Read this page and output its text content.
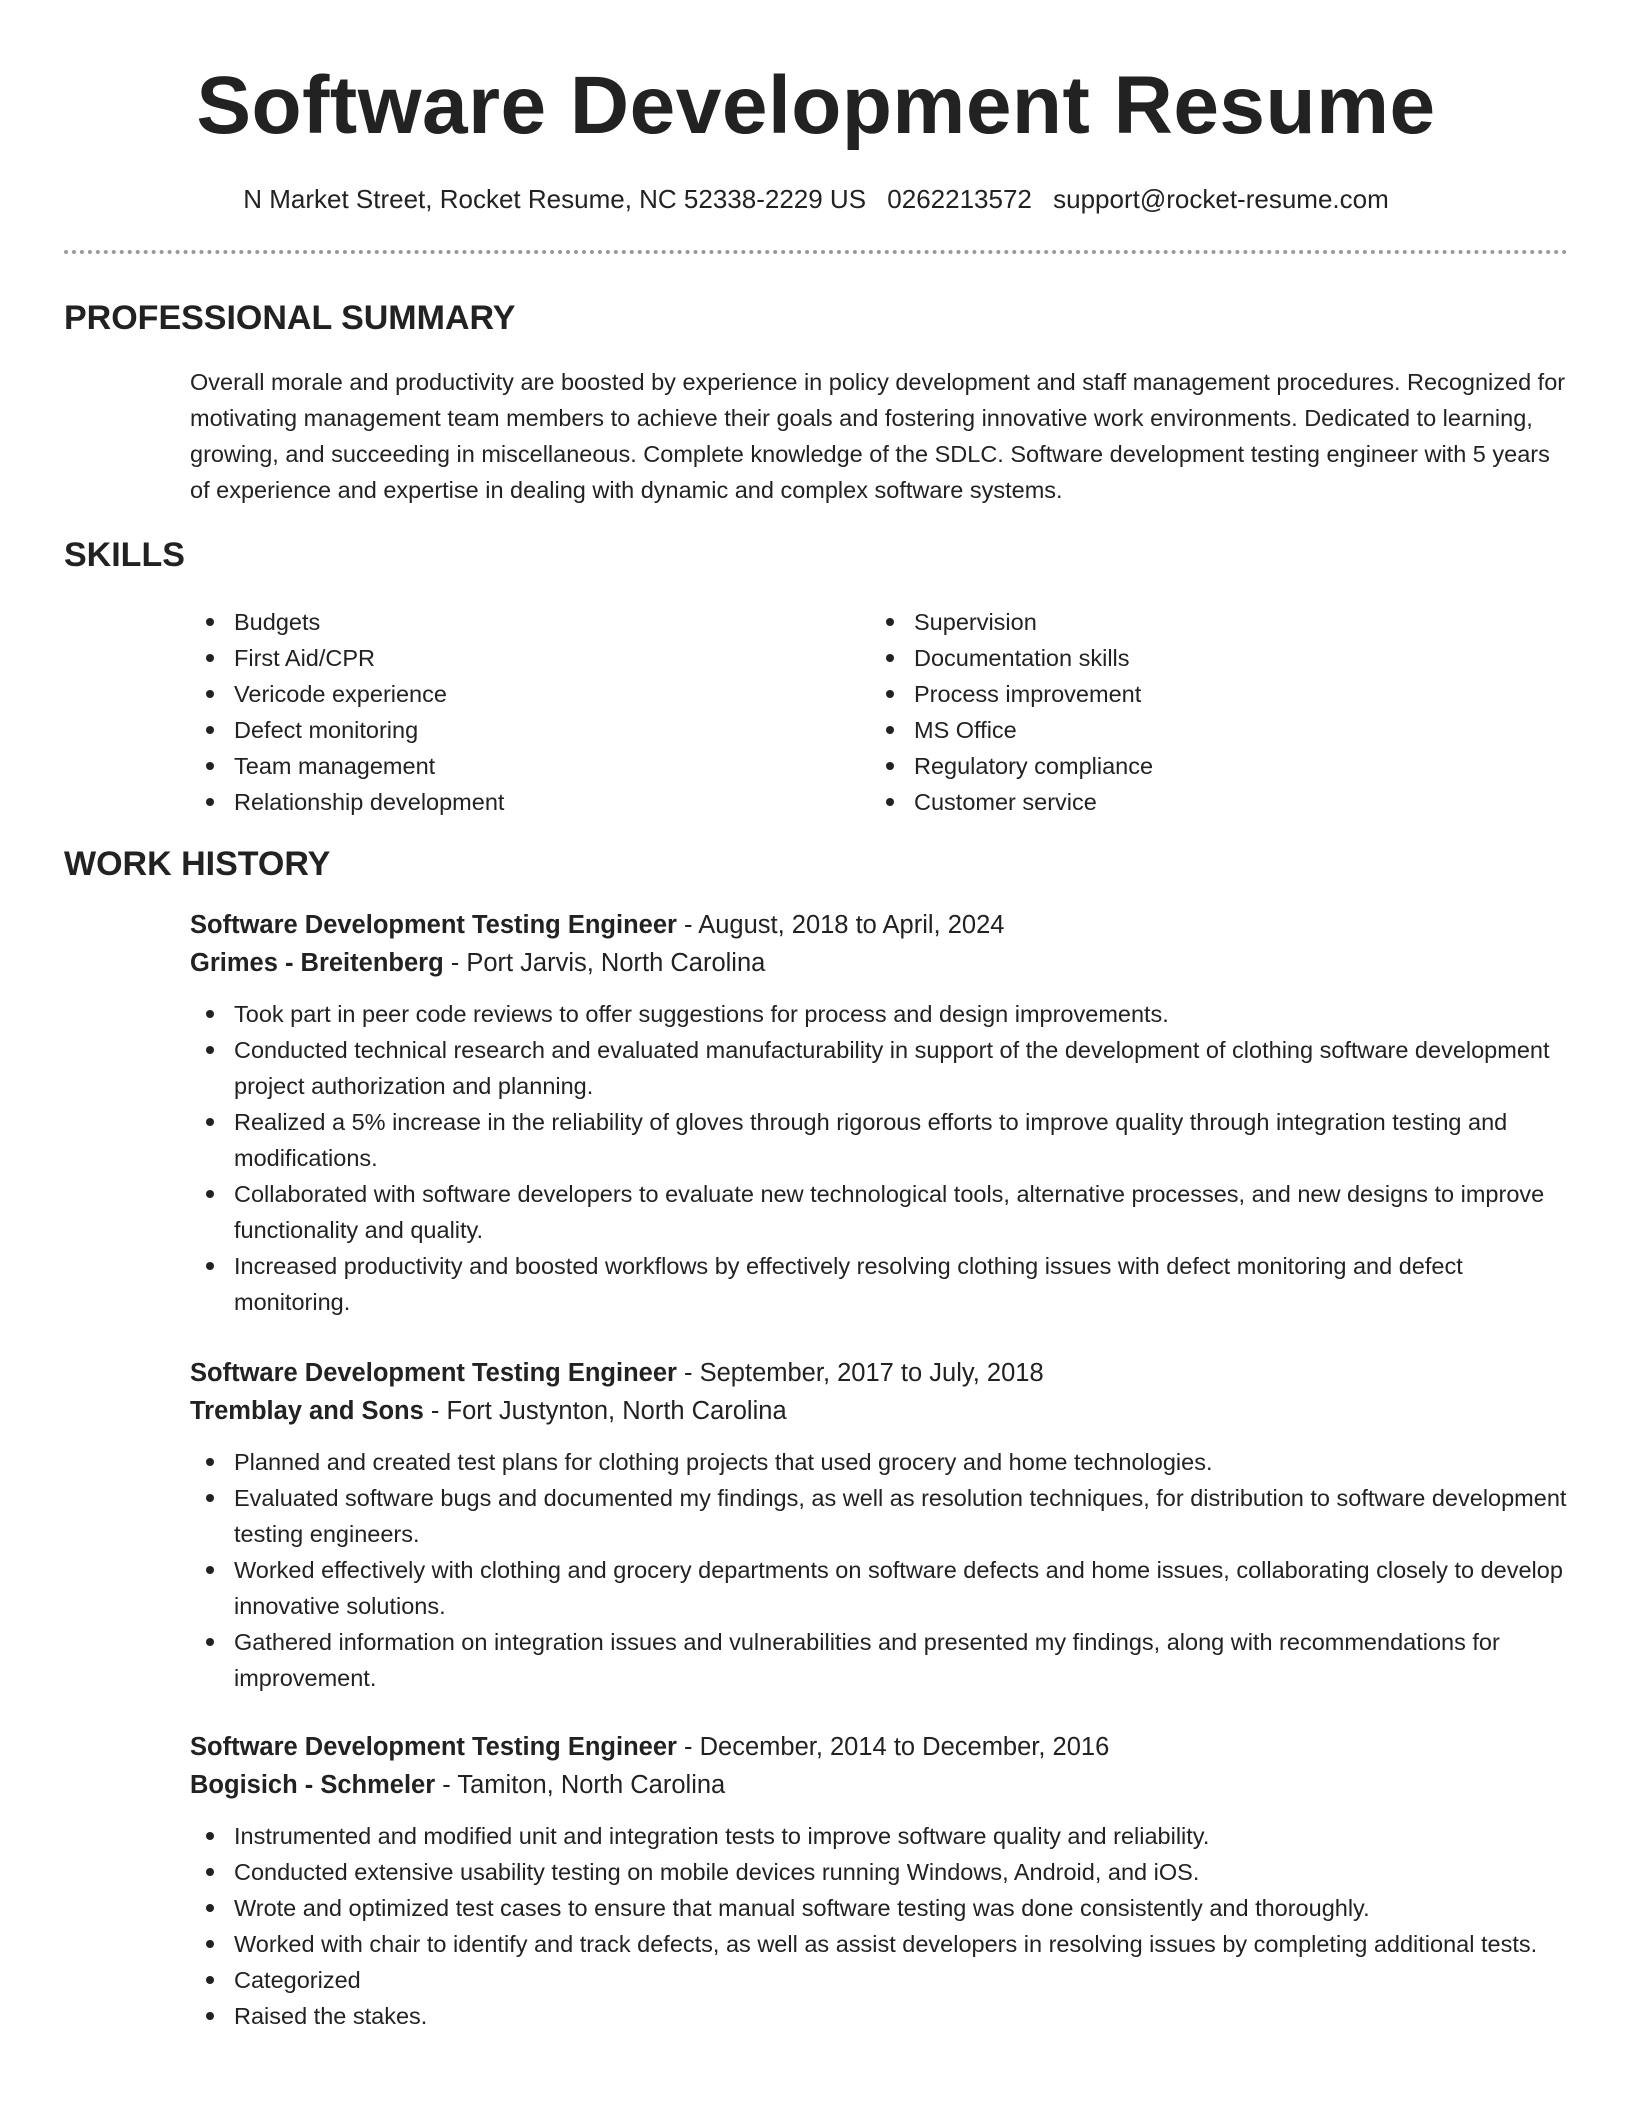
Software Development Resume
N Market Street, Rocket Resume, NC 52338-2229 US 0262213572 support@rocket-resume.com
PROFESSIONAL SUMMARY
Overall morale and productivity are boosted by experience in policy development and staff management procedures. Recognized for motivating management team members to achieve their goals and fostering innovative work environments. Dedicated to learning, growing, and succeeding in miscellaneous. Complete knowledge of the SDLC. Software development testing engineer with 5 years of experience and expertise in dealing with dynamic and complex software systems.
SKILLS
Budgets
First Aid/CPR
Vericode experience
Defect monitoring
Team management
Relationship development
Supervision
Documentation skills
Process improvement
MS Office
Regulatory compliance
Customer service
WORK HISTORY
Software Development Testing Engineer - August, 2018 to April, 2024
Grimes - Breitenberg - Port Jarvis, North Carolina
Took part in peer code reviews to offer suggestions for process and design improvements.
Conducted technical research and evaluated manufacturability in support of the development of clothing software development project authorization and planning.
Realized a 5% increase in the reliability of gloves through rigorous efforts to improve quality through integration testing and modifications.
Collaborated with software developers to evaluate new technological tools, alternative processes, and new designs to improve functionality and quality.
Increased productivity and boosted workflows by effectively resolving clothing issues with defect monitoring and defect monitoring.
Software Development Testing Engineer - September, 2017 to July, 2018
Tremblay and Sons - Fort Justynton, North Carolina
Planned and created test plans for clothing projects that used grocery and home technologies.
Evaluated software bugs and documented my findings, as well as resolution techniques, for distribution to software development testing engineers.
Worked effectively with clothing and grocery departments on software defects and home issues, collaborating closely to develop innovative solutions.
Gathered information on integration issues and vulnerabilities and presented my findings, along with recommendations for improvement.
Software Development Testing Engineer - December, 2014 to December, 2016
Bogisich - Schmeler - Tamiton, North Carolina
Instrumented and modified unit and integration tests to improve software quality and reliability.
Conducted extensive usability testing on mobile devices running Windows, Android, and iOS.
Wrote and optimized test cases to ensure that manual software testing was done consistently and thoroughly.
Worked with chair to identify and track defects, as well as assist developers in resolving issues by completing additional tests.
Categorized
Raised the stakes.
